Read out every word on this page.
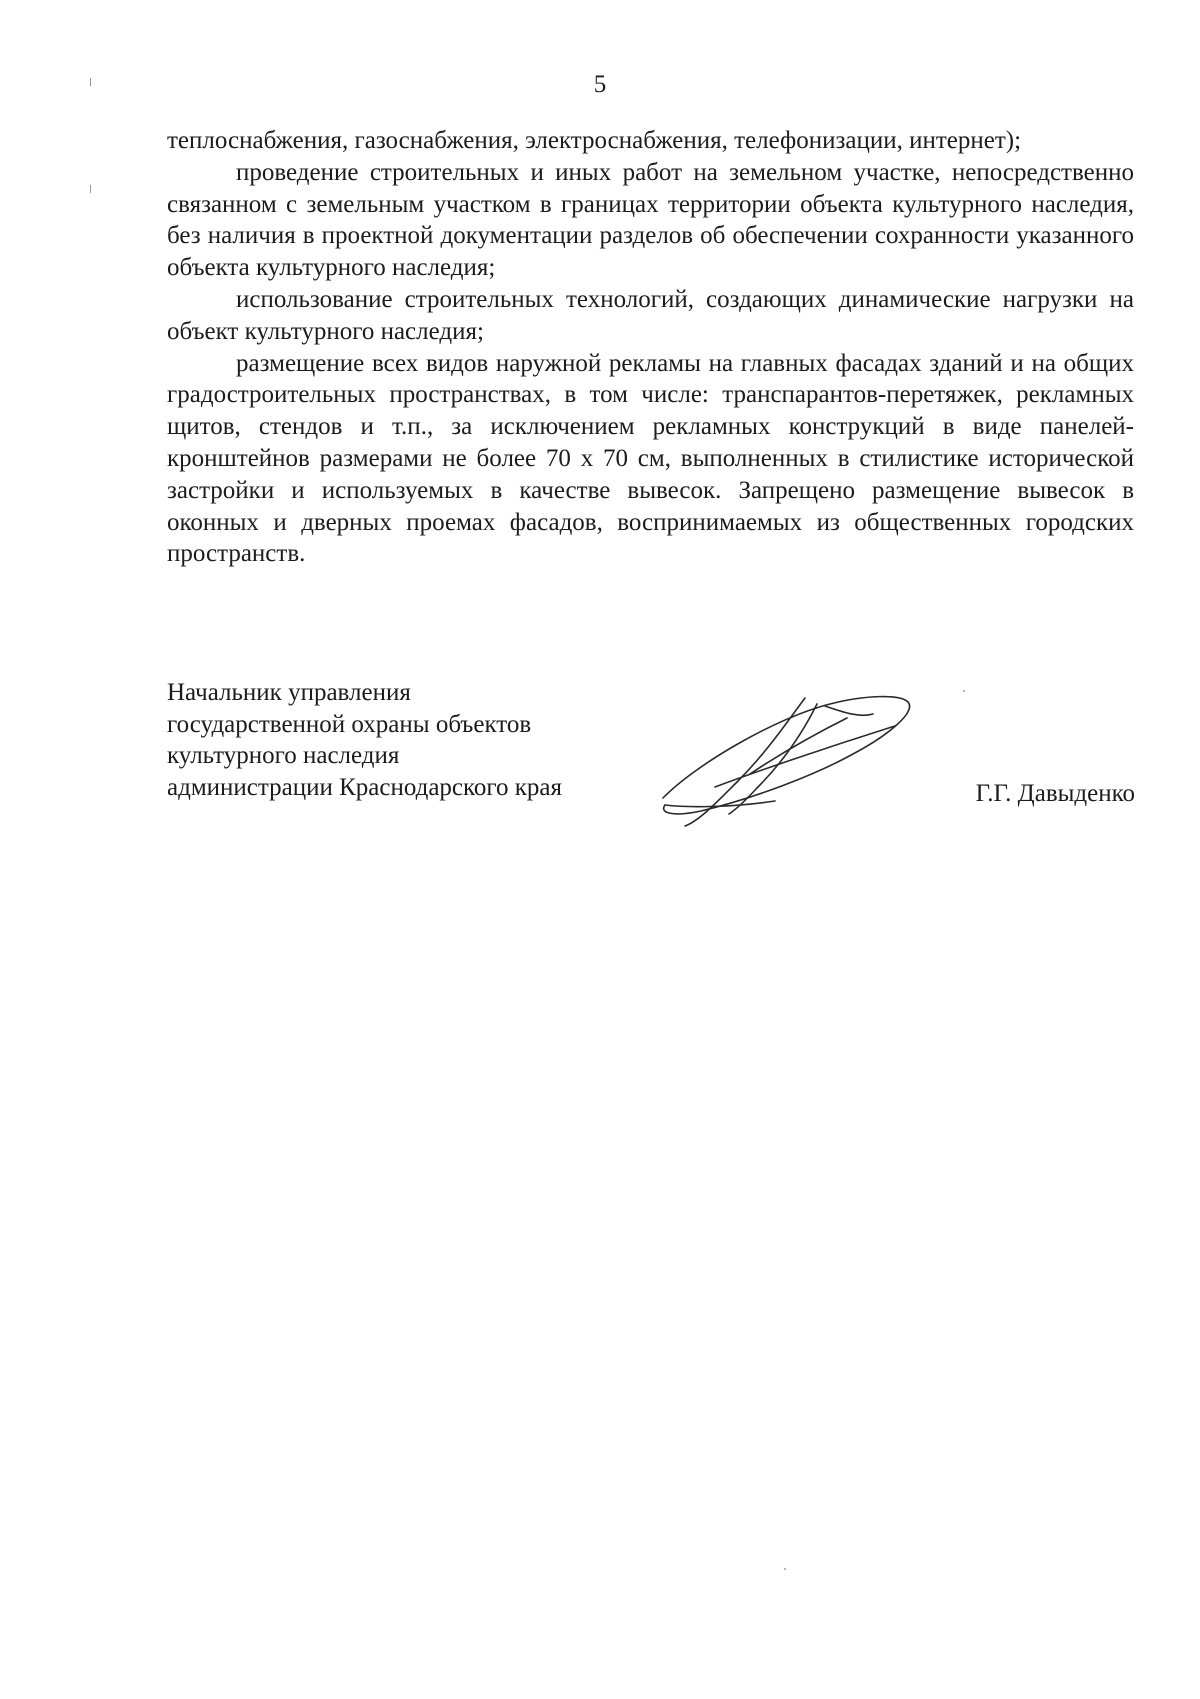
5

теплоснабжения, газоснабжения, электроснабжения, телефонизации, интернет);

проведение строительных и иных работ на земельном участке, непосредственно связанном с земельным участком в границах территории объекта культурного наследия, без наличия в проектной документации разделов об обеспечении сохранности указанного объекта культурного наследия;

использование строительных технологий, создающих динамические нагрузки на объект культурного наследия;

размещение всех видов наружной рекламы на главных фасадах зданий и на общих градостроительных пространствах, в том числе: транспарантов-перетяжек, рекламных щитов, стендов и т.п., за исключением рекламных конструкций в виде панелей-кронштейнов размерами не более 70 х 70 см, выполненных в стилистике исторической застройки и используемых в качестве вывесок. Запрещено размещение вывесок в оконных и дверных проемах фасадов, воспринимаемых из общественных городских пространств.

Начальник управления
государственной охраны объектов
культурного наследия
администрации Краснодарского края	Г.Г. Давыденко
